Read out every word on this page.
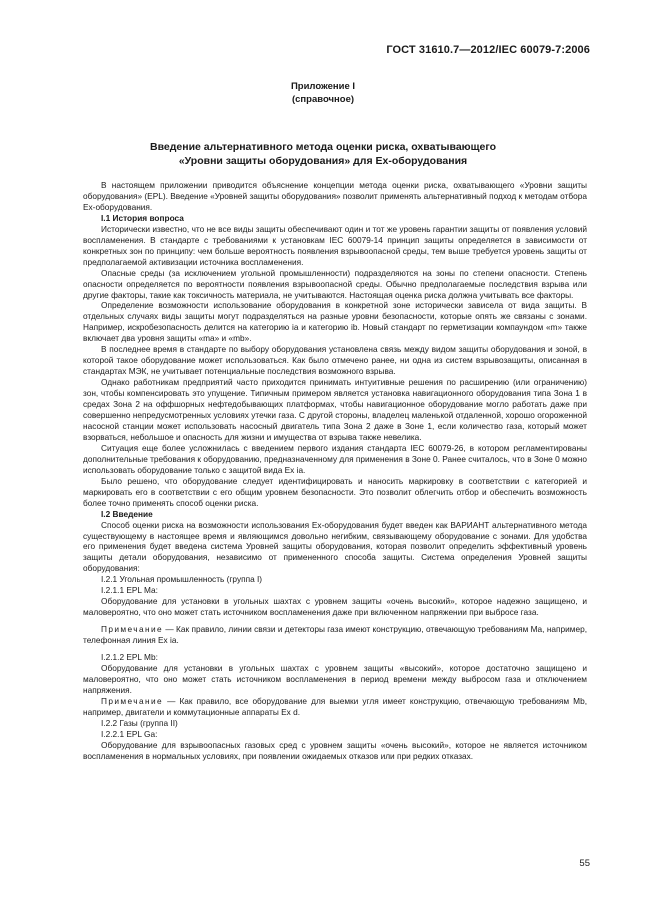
ГОСТ 31610.7—2012/IEC 60079-7:2006
Приложение I
(справочное)
Введение альтернативного метода оценки риска, охватывающего
«Уровни защиты оборудования» для Ex-оборудования

В настоящем приложении приводится объяснение концепции метода оценки риска, охватывающего «Уровни защиты оборудования» (EPL). Введение «Уровней защиты оборудования» позволит применять альтернативный подход к методам отбора Ex-оборудования.

I.1 История вопроса

Исторически известно, что не все виды защиты обеспечивают один и тот же уровень гарантии защиты от появления условий воспламенения. В стандарте с требованиями к установкам IEC 60079-14 принцип защиты определяется в зависимости от конкретных зон по принципу: чем больше вероятность появления взрывоопасной среды, тем выше требуется уровень защиты от предполагаемой активизации источника воспламенения.

Опасные среды (за исключением угольной промышленности) подразделяются на зоны по степени опасности. Степень опасности определяется по вероятности появления взрывоопасной среды. Обычно предполагаемые последствия взрыва или другие факторы, такие как токсичность материала, не учитываются. Настоящая оценка риска должна учитывать все факторы.

Определение возможности использование оборудования в конкретной зоне исторически зависела от вида защиты. В отдельных случаях виды защиты могут подразделяться на разные уровни безопасности, которые опять же связаны с зонами. Например, искробезопасность делится на категорию ia и категорию ib. Новый стандарт по герметизации компаундом «m» также включает два уровня защиты «ma» и «mb».

В последнее время в стандарте по выбору оборудования установлена связь между видом защиты оборудования и зоной, в которой такое оборудование может использоваться. Как было отмечено ранее, ни одна из систем взрывозащиты, описанная в стандартах МЭК, не учитывает потенциальные последствия возможного взрыва.

Однако работникам предприятий часто приходится принимать интуитивные решения по расширению (или ограничению) зон, чтобы компенсировать это упущение. Типичным примером является установка навигационного оборудования типа Зона 1 в средах Зона 2 на оффшорных нефтедобывающих платформах, чтобы навигационное оборудование могло работать даже при совершенно непредусмотренных условиях утечки газа. С другой стороны, владелец маленькой отдаленной, хорошо огороженной насосной станции может использовать насосный двигатель типа Зона 2 даже в Зоне 1, если количество газа, который может взорваться, небольшое и опасность для жизни и имущества от взрыва также невелика.

Ситуация еще более усложнилась с введением первого издания стандарта IEC 60079-26, в котором регламентированы дополнительные требования к оборудованию, предназначенному для применения в Зоне 0. Ранее считалось, что в Зоне 0 можно использовать оборудование только с защитой вида Ex ia.

Было решено, что оборудование следует идентифицировать и наносить маркировку в соответствии с категорией и маркировать его в соответствии с его общим уровнем безопасности. Это позволит облегчить отбор и обеспечить возможность более точно применять способ оценки риска.

I.2 Введение

Способ оценки риска на возможности использования Ex-оборудования будет введен как ВАРИАНТ альтернативного метода существующему в настоящее время и являющимся довольно негибким, связывающему оборудование с зонами. Для удобства его применения будет введена система Уровней защиты оборудования, которая позволит определить эффективный уровень защиты детали оборудования, независимо от примененного способа защиты. Система определения Уровней защиты оборудования:

I.2.1 Угольная промышленность (группа I)

I.2.1.1 EPL Ma:

Оборудование для установки в угольных шахтах с уровнем защиты «очень высокий», которое надежно защищено, и маловероятно, что оно может стать источником воспламенения даже при включенном напряжении при выбросе газа.

Примечание — Как правило, линии связи и детекторы газа имеют конструкцию, отвечающую требованиям Ma, например, телефонная линия Ex ia.

I.2.1.2 EPL Mb:

Оборудование для установки в угольных шахтах с уровнем защиты «высокий», которое достаточно защищено и маловероятно, что оно может стать источником воспламенения в период времени между выбросом газа и отключением напряжения.

Примечание — Как правило, все оборудование для выемки угля имеет конструкцию, отвечающую требованиям Mb, например, двигатели и коммутационные аппараты Ex d.

I.2.2 Газы (группа II)

I.2.2.1 EPL Ga:

Оборудование для взрывоопасных газовых сред с уровнем защиты «очень высокий», которое не является источником воспламенения в нормальных условиях, при появлении ожидаемых отказов или при редких отказах.

55
